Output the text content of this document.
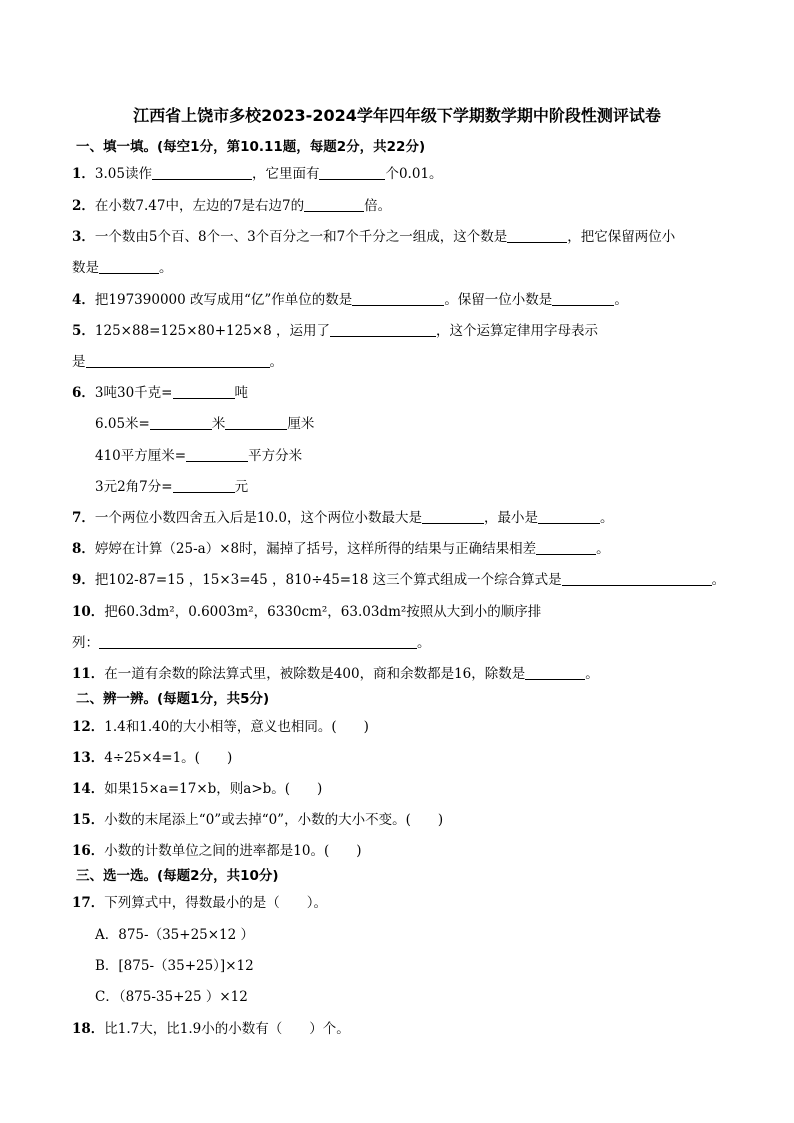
江西省上饶市多校2023-2024学年四年级下学期数学期中阶段性测评试卷
一、填一填。(每空1分，第10.11题，每题2分，共22分)
1．3.05读作	，它里面有	个0.01。
2．在小数7.47中，左边的7是右边7的	倍。
3．一个数由5个百、8个一、3个百分之一和7个千分之一组成，这个数是	，把它保留两位小
数是	。
4．把197390000 改写成用“亿”作单位的数是	。保留一位小数是	。
5．125×88=125×80+125×8 ，运用了	，这个运算定律用字母表示
是	。
6．3吨30千克=	吨
6.05米=	米	厘米
410平方厘米=	平方分米
3元2角7分=	元
7．一个两位小数四舍五入后是10.0，这个两位小数最大是	，最小是	。
8．婷婷在计算（25-a）×8时，漏掉了括号，这样所得的结果与正确结果相差	。
9．把102-87=15 ，15×3=45 ，810÷45=18 这三个算式组成一个综合算式是	。
10．把60.3dm²，0.6003m²，6330cm²，63.03dm²按照从大到小的顺序排
列：	。
11．在一道有余数的除法算式里，被除数是400，商和余数都是16，除数是	。
二、辨一辨。(每题1分，共5分)
12．1.4和1.40的大小相等，意义也相同。(　　)
13．4÷25×4=1。(　　)
14．如果15×a=17×b，则a>b。(　　)
15．小数的末尾添上“0”或去掉“0”，小数的大小不变。(　　)
16．小数的计数单位之间的进率都是10。(　　)
三、选一选。(每题2分，共10分)
17．下列算式中，得数最小的是（　　）。
A．875-（35+25×12 ）
B．[875-（35+25）]×12
C．（875-35+25 ）×12
18．比1.7大，比1.9小的小数有（　　）个。
